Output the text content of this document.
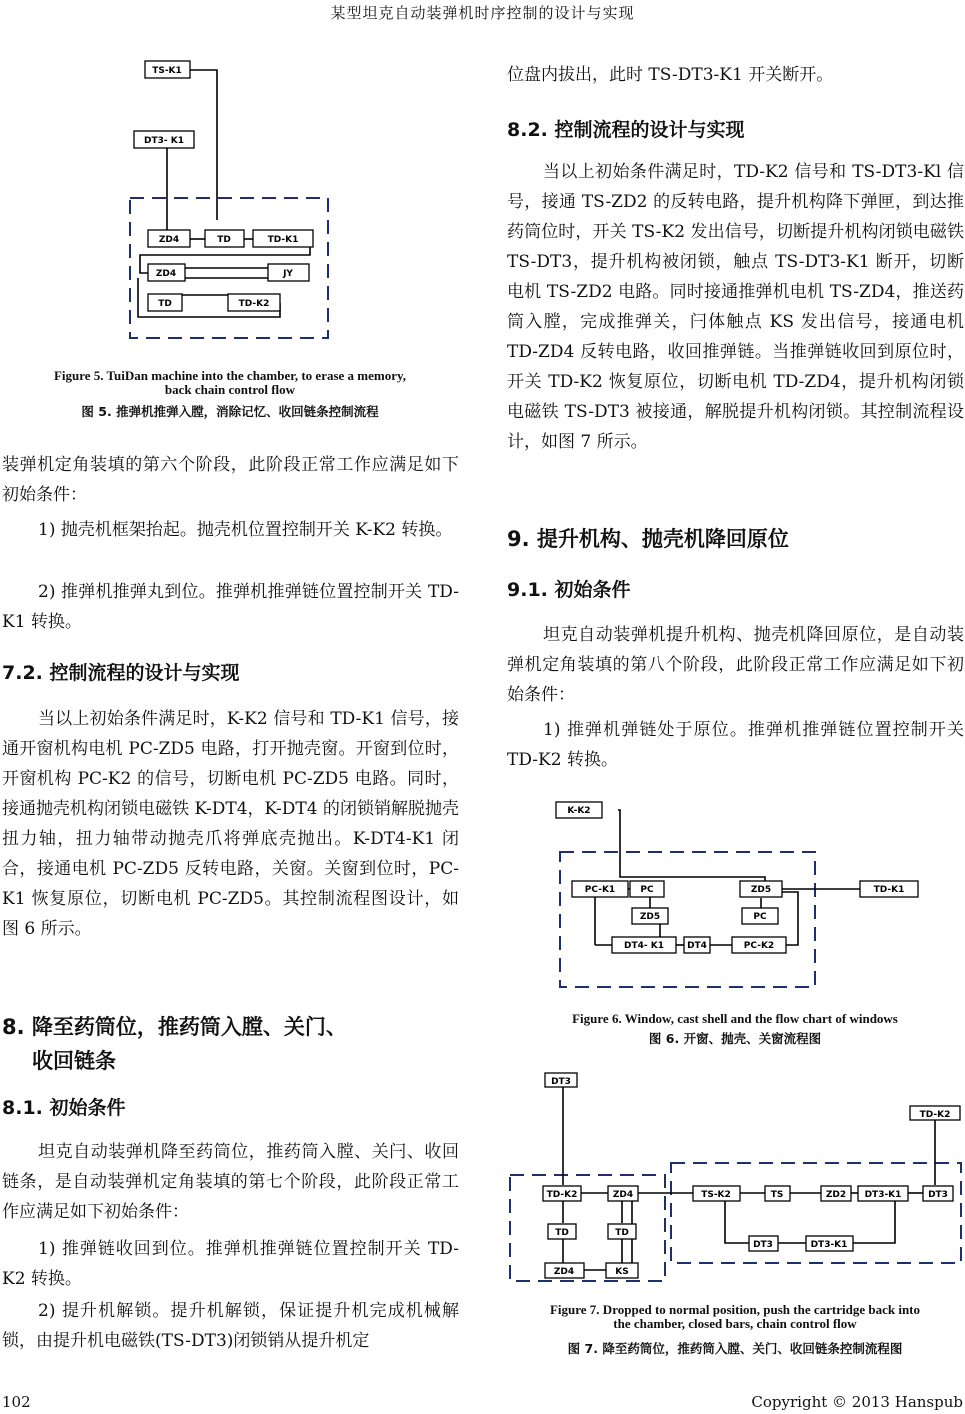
某型坦克自动装弹机时序控制的设计与实现
TS-K1
DT3- K1
ZD4	TD	TD-K1
ZD4	JY
TD	TD-K2
Figure 5. TuiDan machine into the chamber, to erase a memory,
back chain control flow
图 5. 推弹机推弹入膛，消除记忆、收回链条控制流程

装弹机定角装填的第六个阶段，此阶段正常工作应满足如下初始条件：

1) 抛壳机框架抬起。抛壳机位置控制开关 K-K2 转换。

2) 推弹机推弹丸到位。推弹机推弹链位置控制开关 TD-K1 转换。

7.2. 控制流程的设计与实现

当以上初始条件满足时，K-K2 信号和 TD-K1 信号，接通开窗机构电机 PC-ZD5 电路，打开抛壳窗。开窗到位时，开窗机构 PC-K2 的信号，切断电机 PC-ZD5 电路。同时，接通抛壳机构闭锁电磁铁 K-DT4，K-DT4 的闭锁销解脱抛壳扭力轴，扭力轴带动抛壳爪将弹底壳抛出。K-DT4-K1 闭合，接通电机 PC-ZD5 反转电路，关窗。关窗到位时，PC-K1 恢复原位，切断电机 PC-ZD5。其控制流程图设计，如图 6 所示。

8. 降至药筒位，推药筒入膛、关门、
收回链条
8.1. 初始条件

坦克自动装弹机降至药筒位，推药筒入膛、关闩、收回链条，是自动装弹机定角装填的第七个阶段，此阶段正常工作应满足如下初始条件：

1) 推弹链收回到位。推弹机推弹链位置控制开关 TD-K2 转换。

2) 提升机解锁。提升机解锁，保证提升机完成机械解锁，由提升机电磁铁(TS-DT3)闭锁销从提升机定

位盘内拔出，此时 TS-DT3-K1 开关断开。

8.2. 控制流程的设计与实现

当以上初始条件满足时，TD-K2 信号和 TS-DT3-Kl 信号，接通 TS-ZD2 的反转电路，提升机构降下弹匣，到达推药筒位时，开关 TS-K2 发出信号，切断提升机构闭锁电磁铁 TS-DT3，提升机构被闭锁，触点 TS-DT3-K1 断开，切断电机 TS-ZD2 电路。同时接通推弹机电机 TS-ZD4，推送药筒入膛，完成推弹关，闩体触点 KS 发出信号，接通电机 TD-ZD4 反转电路，收回推弹链。当推弹链收回到原位时，开关 TD-K2 恢复原位，切断电机 TD-ZD4，提升机构闭锁电磁铁 TS-DT3 被接通，解脱提升机构闭锁。其控制流程设计，如图 7 所示。

9. 提升机构、抛壳机降回原位
9.1. 初始条件

坦克自动装弹机提升机构、抛壳机降回原位，是自动装弹机定角装填的第八个阶段，此阶段正常工作应满足如下初始条件：

1) 推弹机弹链处于原位。推弹机推弹链位置控制开关 TD-K2 转换。

K-K2
PC-K1	PC	ZD5	TD-K1
ZD5	PC
DT4- K1	DT4	PC-K2
Figure 6. Window, cast shell and the flow chart of windows
图 6. 开窗、抛壳、关窗流程图
DT3
TD-K2
TD-K2	ZD4	TS-K2	TS	ZD2 DT3-K1	DT3
TD	TD
DT3	DT3-K1
ZD4	KS
Figure 7. Dropped to normal position, push the cartridge back into
the chamber, closed bars, chain control flow
图 7. 降至药筒位，推药筒入膛、关门、收回链条控制流程图
102	Copyright © 2013 Hanspub
